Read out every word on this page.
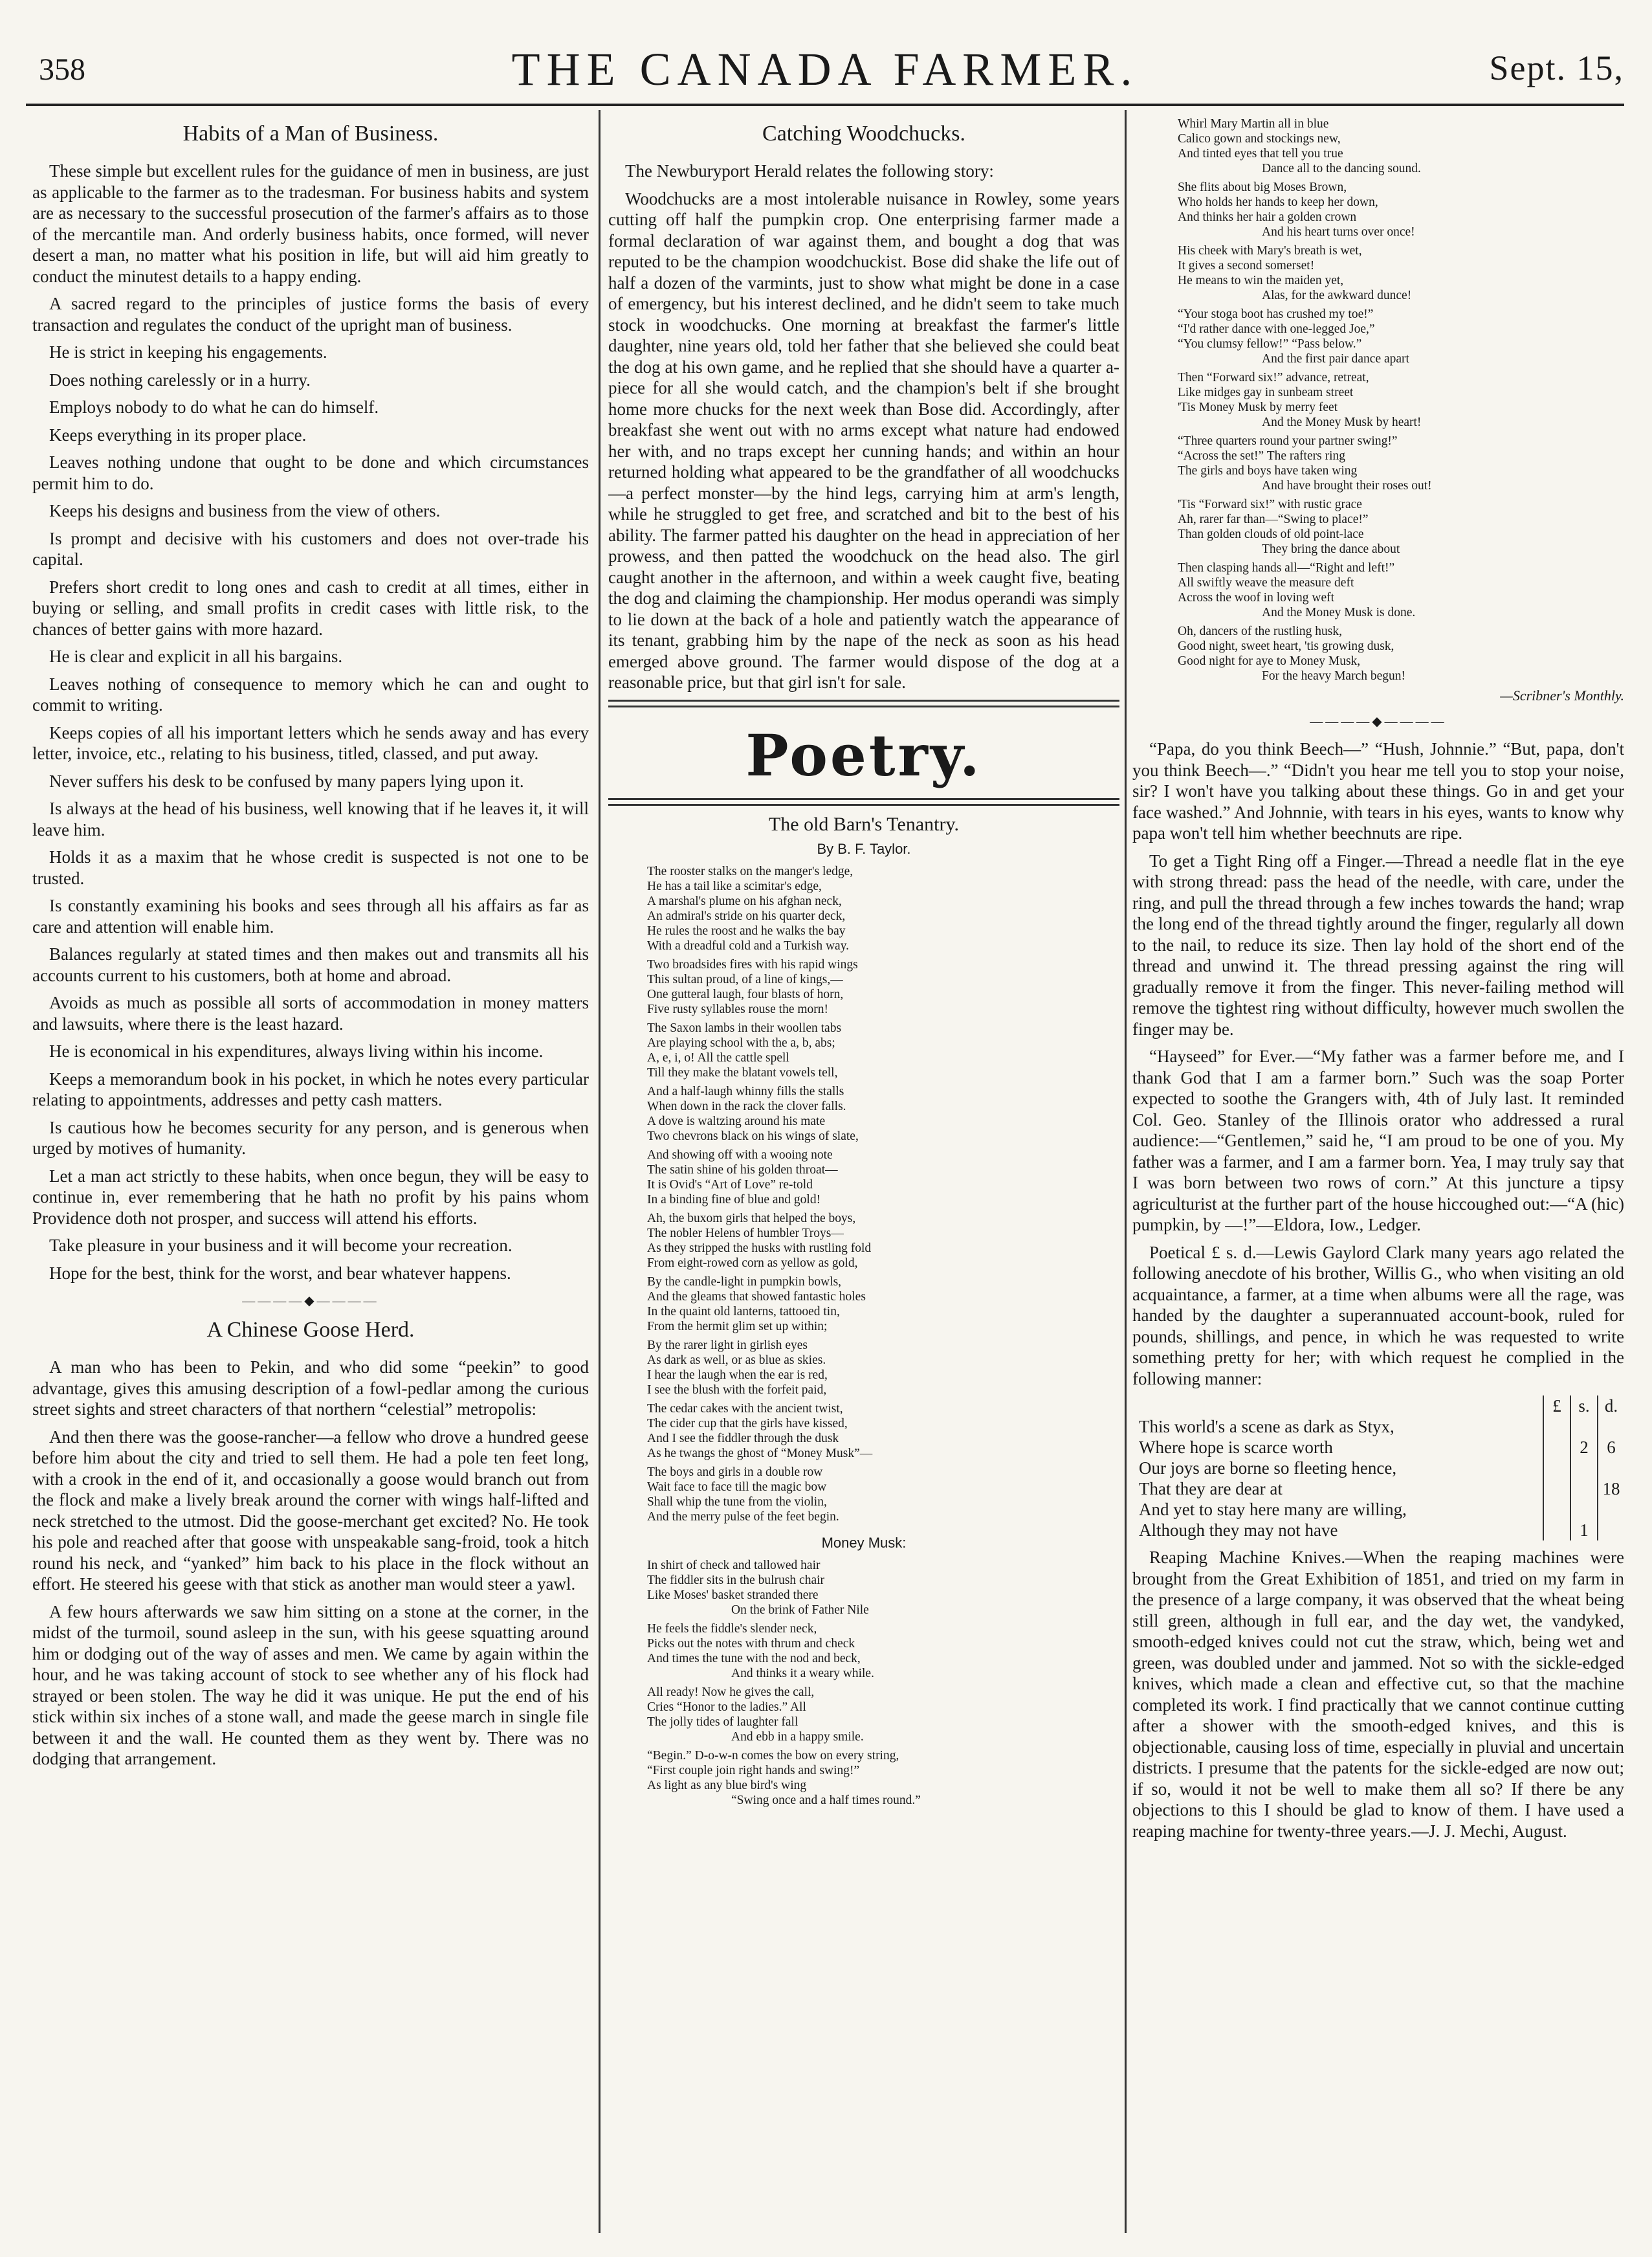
358	THE CANADA FARMER.	Sept. 15,
Habits of a Man of Business.

These simple but excellent rules for the guidance of men in business, are just as applicable to the farmer as to the tradesman. For business habits and system are as necessary to the successful prosecution of the farmer's affairs as to those of the mercantile man. And orderly business habits, once formed, will never desert a man, no matter what his position in life, but will aid him greatly to conduct the minutest details to a happy ending.

A sacred regard to the principles of justice forms the basis of every transaction and regulates the conduct of the upright man of business.

He is strict in keeping his engagements.

Does nothing carelessly or in a hurry.

Employs nobody to do what he can do himself.

Keeps everything in its proper place.

Leaves nothing undone that ought to be done and which circumstances permit him to do.

Keeps his designs and business from the view of others.

Is prompt and decisive with his customers and does not over-trade his capital.

Prefers short credit to long ones and cash to credit at all times, either in buying or selling, and small profits in credit cases with little risk, to the chances of better gains with more hazard.

He is clear and explicit in all his bargains.

Leaves nothing of consequence to memory which he can and ought to commit to writing.

Keeps copies of all his important letters which he sends away and has every letter, invoice, etc., relating to his business, titled, classed, and put away.

Never suffers his desk to be confused by many papers lying upon it.

Is always at the head of his business, well knowing that if he leaves it, it will leave him.

Holds it as a maxim that he whose credit is suspected is not one to be trusted.

Is constantly examining his books and sees through all his affairs as far as care and attention will enable him.

Balances regularly at stated times and then makes out and transmits all his accounts current to his customers, both at home and abroad.

Avoids as much as possible all sorts of accommodation in money matters and lawsuits, where there is the least hazard.

He is economical in his expenditures, always living within his income.

Keeps a memorandum book in his pocket, in which he notes every particular relating to appointments, addresses and petty cash matters.

Is cautious how he becomes security for any person, and is generous when urged by motives of humanity.

Let a man act strictly to these habits, when once begun, they will be easy to continue in, ever remembering that he hath no profit by his pains whom Providence doth not prosper, and success will attend his efforts.

Take pleasure in your business and it will become your recreation.

Hope for the best, think for the worst, and bear whatever happens.

————◆————
A Chinese Goose Herd.

A man who has been to Pekin, and who did some “peekin” to good advantage, gives this amusing description of a fowl-pedlar among the curious street sights and street characters of that northern “celestial” metropolis:

And then there was the goose-rancher—a fellow who drove a hundred geese before him about the city and tried to sell them. He had a pole ten feet long, with a crook in the end of it, and occasionally a goose would branch out from the flock and make a lively break around the corner with wings half-lifted and neck stretched to the utmost. Did the goose-merchant get excited? No. He took his pole and reached after that goose with unspeakable sang-froid, took a hitch round his neck, and “yanked” him back to his place in the flock without an effort. He steered his geese with that stick as another man would steer a yawl.

A few hours afterwards we saw him sitting on a stone at the corner, in the midst of the turmoil, sound asleep in the sun, with his geese squatting around him or dodging out of the way of asses and men. We came by again within the hour, and he was taking account of stock to see whether any of his flock had strayed or been stolen. The way he did it was unique. He put the end of his stick within six inches of a stone wall, and made the geese march in single file between it and the wall. He counted them as they went by. There was no dodging that arrangement.

Catching Woodchucks.

The Newburyport Herald relates the following story:

Woodchucks are a most intolerable nuisance in Rowley, some years cutting off half the pumpkin crop. One enterprising farmer made a formal declaration of war against them, and bought a dog that was reputed to be the champion woodchuckist. Bose did shake the life out of half a dozen of the varmints, just to show what might be done in a case of emergency, but his interest declined, and he didn't seem to take much stock in woodchucks. One morning at breakfast the farmer's little daughter, nine years old, told her father that she believed she could beat the dog at his own game, and he replied that she should have a quarter a-piece for all she would catch, and the champion's belt if she brought home more chucks for the next week than Bose did. Accordingly, after breakfast she went out with no arms except what nature had endowed her with, and no traps except her cunning hands; and within an hour returned holding what appeared to be the grandfather of all woodchucks—a perfect monster—by the hind legs, carrying him at arm's length, while he struggled to get free, and scratched and bit to the best of his ability. The farmer patted his daughter on the head in appreciation of her prowess, and then patted the woodchuck on the head also. The girl caught another in the afternoon, and within a week caught five, beating the dog and claiming the championship. Her modus operandi was simply to lie down at the back of a hole and patiently watch the appearance of its tenant, grabbing him by the nape of the neck as soon as his head emerged above ground. The farmer would dispose of the dog at a reasonable price, but that girl isn't for sale.

Poetry.
The old Barn's Tenantry.
By B. F. Taylor.
The rooster stalks on the manger's ledge,
He has a tail like a scimitar's edge,
A marshal's plume on his afghan neck,
An admiral's stride on his quarter deck,
He rules the roost and he walks the bay
With a dreadful cold and a Turkish way.
Two broadsides fires with his rapid wings
This sultan proud, of a line of kings,—
One gutteral laugh, four blasts of horn,
Five rusty syllables rouse the morn!
The Saxon lambs in their woollen tabs
Are playing school with the a, b, abs;
A, e, i, o! All the cattle spell
Till they make the blatant vowels tell,
And a half-laugh whinny fills the stalls
When down in the rack the clover falls.
A dove is waltzing around his mate
Two chevrons black on his wings of slate,
And showing off with a wooing note
The satin shine of his golden throat—
It is Ovid's “Art of Love” re-told
In a binding fine of blue and gold!
Ah, the buxom girls that helped the boys,
The nobler Helens of humbler Troys—
As they stripped the husks with rustling fold
From eight-rowed corn as yellow as gold,
By the candle-light in pumpkin bowls,
And the gleams that showed fantastic holes
In the quaint old lanterns, tattooed tin,
From the hermit glim set up within;
By the rarer light in girlish eyes
As dark as well, or as blue as skies.
I hear the laugh when the ear is red,
I see the blush with the forfeit paid,
The cedar cakes with the ancient twist,
The cider cup that the girls have kissed,
And I see the fiddler through the dusk
As he twangs the ghost of “Money Musk”—
The boys and girls in a double row
Wait face to face till the magic bow
Shall whip the tune from the violin,
And the merry pulse of the feet begin.
Money Musk:
In shirt of check and tallowed hair
The fiddler sits in the bulrush chair
Like Moses' basket stranded there
On the brink of Father Nile
He feels the fiddle's slender neck,
Picks out the notes with thrum and check
And times the tune with the nod and beck,
And thinks it a weary while.
All ready! Now he gives the call,
Cries “Honor to the ladies.” All
The jolly tides of laughter fall
And ebb in a happy smile.
“Begin.” D-o-w-n comes the bow on every string,
“First couple join right hands and swing!”
As light as any blue bird's wing
“Swing once and a half times round.”
Whirl Mary Martin all in blue
Calico gown and stockings new,
And tinted eyes that tell you true
Dance all to the dancing sound.
She flits about big Moses Brown,
Who holds her hands to keep her down,
And thinks her hair a golden crown
And his heart turns over once!
His cheek with Mary's breath is wet,
It gives a second somerset!
He means to win the maiden yet,
Alas, for the awkward dunce!
“Your stoga boot has crushed my toe!”
“I'd rather dance with one-legged Joe,”
“You clumsy fellow!” “Pass below.”
And the first pair dance apart
Then “Forward six!” advance, retreat,
Like midges gay in sunbeam street
'Tis Money Musk by merry feet
And the Money Musk by heart!
“Three quarters round your partner swing!”
“Across the set!” The rafters ring
The girls and boys have taken wing
And have brought their roses out!
'Tis “Forward six!” with rustic grace
Ah, rarer far than—“Swing to place!”
Than golden clouds of old point-lace
They bring the dance about
Then clasping hands all—“Right and left!”
All swiftly weave the measure deft
Across the woof in loving weft
And the Money Musk is done.
Oh, dancers of the rustling husk,
Good night, sweet heart, 'tis growing dusk,
Good night for aye to Money Musk,
For the heavy March begun!
—Scribner's Monthly.
————◆————

“Papa, do you think Beech—” “Hush, Johnnie.” “But, papa, don't you think Beech—.” “Didn't you hear me tell you to stop your noise, sir? I won't have you talking about these things. Go in and get your face washed.” And Johnnie, with tears in his eyes, wants to know why papa won't tell him whether beechnuts are ripe.

To get a Tight Ring off a Finger.—Thread a needle flat in the eye with strong thread: pass the head of the needle, with care, under the ring, and pull the thread through a few inches towards the hand; wrap the long end of the thread tightly around the finger, regularly all down to the nail, to reduce its size. Then lay hold of the short end of the thread and unwind it. The thread pressing against the ring will gradually remove it from the finger. This never-failing method will remove the tightest ring without difficulty, however much swollen the finger may be.

“Hayseed” for Ever.—“My father was a farmer before me, and I thank God that I am a farmer born.” Such was the soap Porter expected to soothe the Grangers with, 4th of July last. It reminded Col. Geo. Stanley of the Illinois orator who addressed a rural audience:—“Gentlemen,” said he, “I am proud to be one of you. My father was a farmer, and I am a farmer born. Yea, I may truly say that I was born between two rows of corn.” At this juncture a tipsy agriculturist at the further part of the house hiccoughed out:—“A (hic) pumpkin, by —!”—Eldora, Iow., Ledger.

Poetical £ s. d.—Lewis Gaylord Clark many years ago related the following anecdote of his brother, Willis G., who when visiting an old acquaintance, a farmer, at a time when albums were all the rage, was handed by the daughter a superannuated account-book, ruled for pounds, shillings, and pence, in which he was requested to write something pretty for her; with which request he complied in the following manner:

This world's a scene as dark as Styx,
Where hope is scarce worth
Our joys are borne so fleeting hence,
That they are dear at
And yet to stay here many are willing,
Although they may not have
£

s.

2

1
d.

6

18

Reaping Machine Knives.—When the reaping machines were brought from the Great Exhibition of 1851, and tried on my farm in the presence of a large company, it was observed that the wheat being still green, although in full ear, and the day wet, the vandyked, smooth-edged knives could not cut the straw, which, being wet and green, was doubled under and jammed. Not so with the sickle-edged knives, which made a clean and effective cut, so that the machine completed its work. I find practically that we cannot continue cutting after a shower with the smooth-edged knives, and this is objectionable, causing loss of time, especially in pluvial and uncertain districts. I presume that the patents for the sickle-edged are now out; if so, would it not be well to make them all so? If there be any objections to this I should be glad to know of them. I have used a reaping machine for twenty-three years.—J. J. Mechi, August.
